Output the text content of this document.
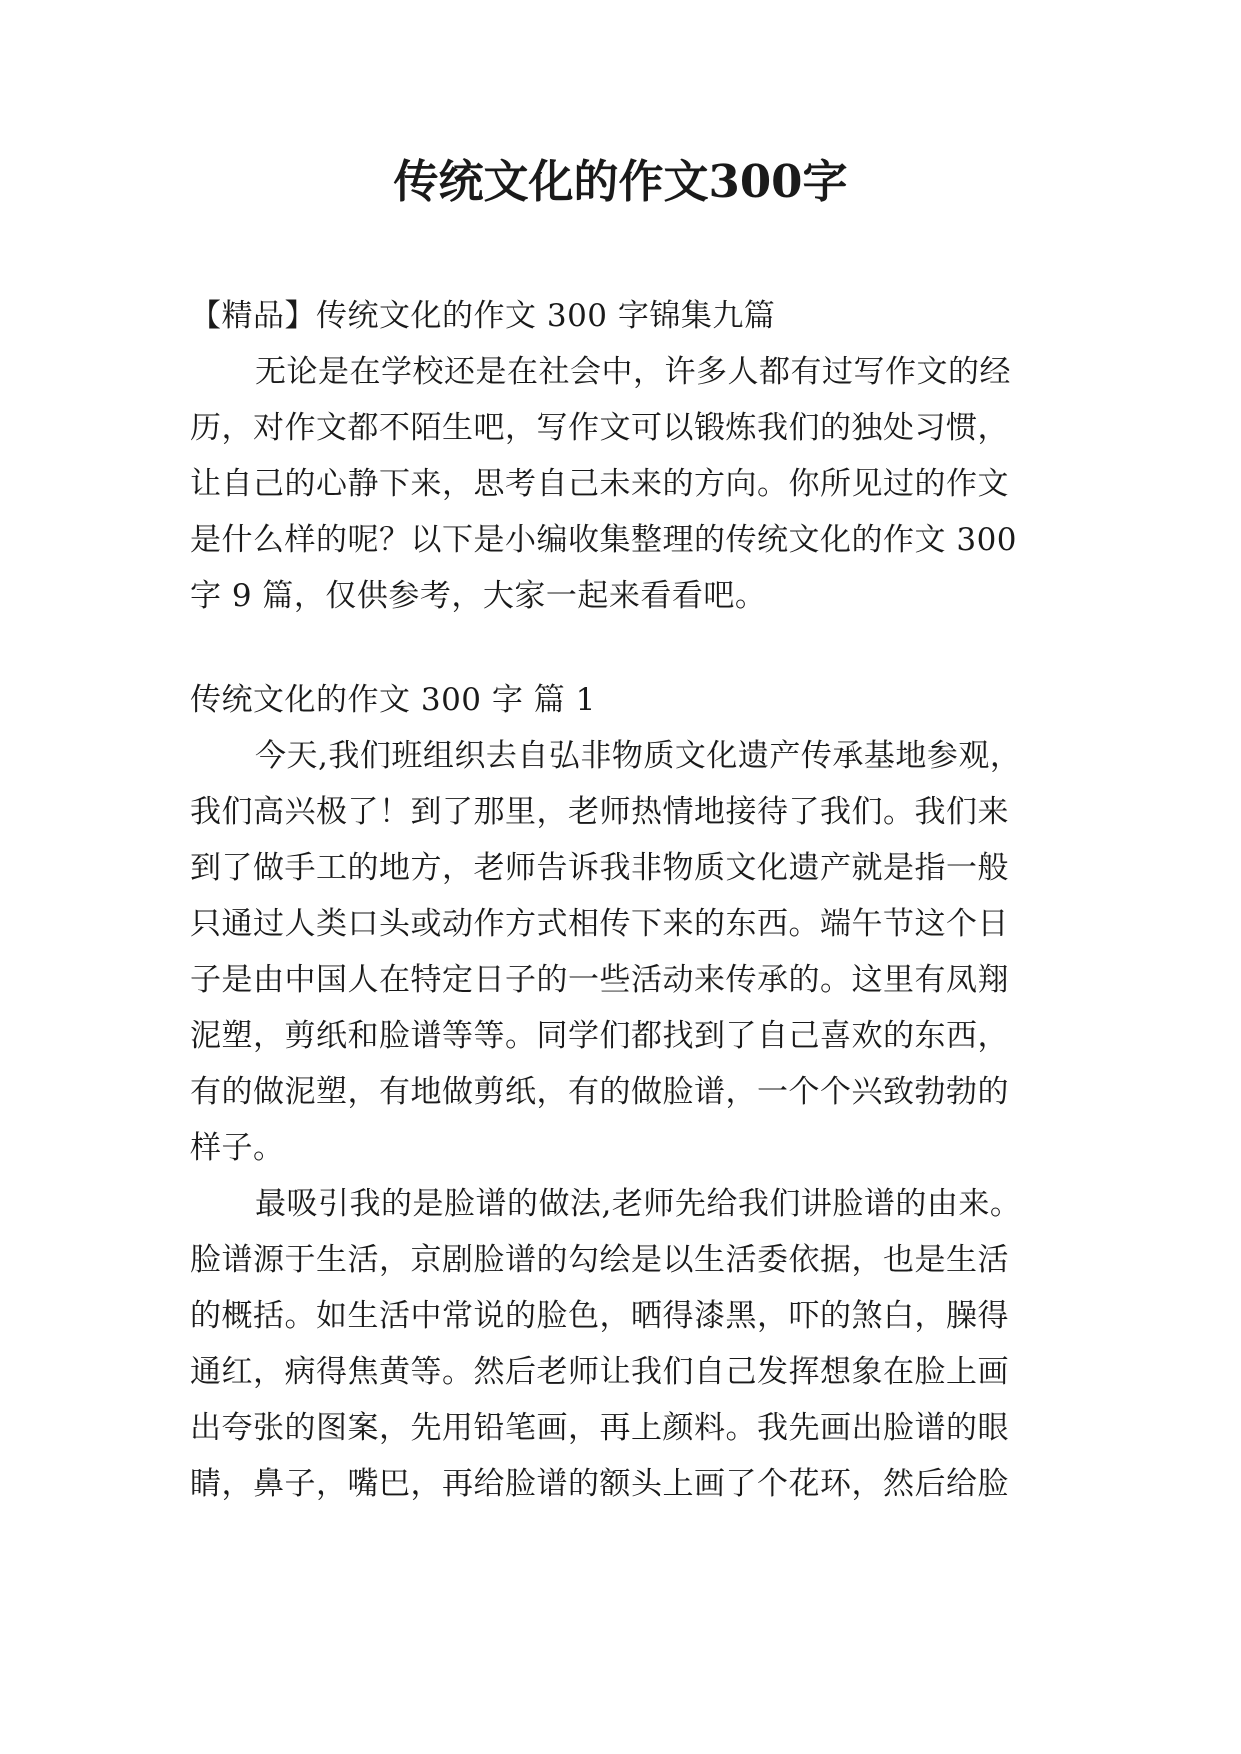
传统文化的作文300字
【精品】传统文化的作文 300 字锦集九篇
无论是在学校还是在社会中，许多人都有过写作文的经
历，对作文都不陌生吧，写作文可以锻炼我们的独处习惯，
让自己的心静下来，思考自己未来的方向。你所见过的作文
是什么样的呢？以下是小编收集整理的传统文化的作文 300
字 9 篇，仅供参考，大家一起来看看吧。
传统文化的作文 300 字 篇 1
今天,我们班组织去自弘非物质文化遗产传承基地参观，
我们高兴极了！到了那里，老师热情地接待了我们。我们来
到了做手工的地方，老师告诉我非物质文化遗产就是指一般
只通过人类口头或动作方式相传下来的东西。端午节这个日
子是由中国人在特定日子的一些活动来传承的。这里有凤翔
泥塑，剪纸和脸谱等等。同学们都找到了自己喜欢的东西，
有的做泥塑，有地做剪纸，有的做脸谱，一个个兴致勃勃的
样子。
最吸引我的是脸谱的做法,老师先给我们讲脸谱的由来。
脸谱源于生活，京剧脸谱的勾绘是以生活委依据，也是生活
的概括。如生活中常说的脸色，晒得漆黑，吓的煞白，臊得
通红，病得焦黄等。然后老师让我们自己发挥想象在脸上画
出夸张的图案，先用铅笔画，再上颜料。我先画出脸谱的眼
睛，鼻子，嘴巴，再给脸谱的额头上画了个花环，然后给脸
